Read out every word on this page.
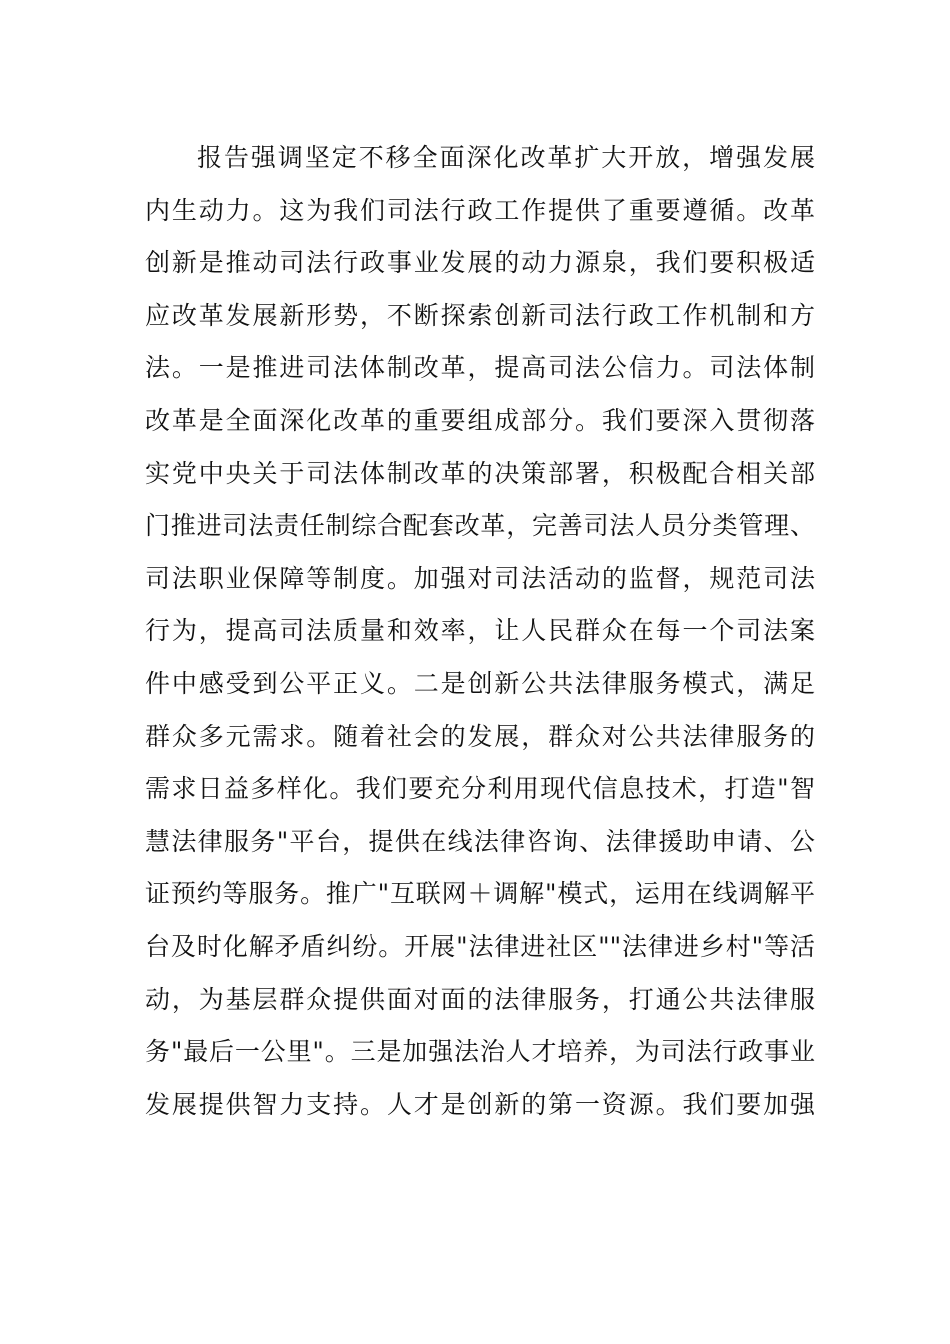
报告强调坚定不移全面深化改革扩大开放，增强发展
内生动力。这为我们司法行政工作提供了重要遵循。改革
创新是推动司法行政事业发展的动力源泉，我们要积极适
应改革发展新形势，不断探索创新司法行政工作机制和方
法。一是推进司法体制改革，提高司法公信力。司法体制
改革是全面深化改革的重要组成部分。我们要深入贯彻落
实党中央关于司法体制改革的决策部署，积极配合相关部
门推进司法责任制综合配套改革，完善司法人员分类管理、
司法职业保障等制度。加强对司法活动的监督，规范司法
行为，提高司法质量和效率，让人民群众在每一个司法案
件中感受到公平正义。二是创新公共法律服务模式，满足
群众多元需求。随着社会的发展，群众对公共法律服务的
需求日益多样化。我们要充分利用现代信息技术，打造"智
慧法律服务"平台，提供在线法律咨询、法律援助申请、公
证预约等服务。推广"互联网＋调解"模式，运用在线调解平
台及时化解矛盾纠纷。开展"法律进社区""法律进乡村"等活
动，为基层群众提供面对面的法律服务，打通公共法律服
务"最后一公里"。三是加强法治人才培养，为司法行政事业
发展提供智力支持。人才是创新的第一资源。我们要加强
